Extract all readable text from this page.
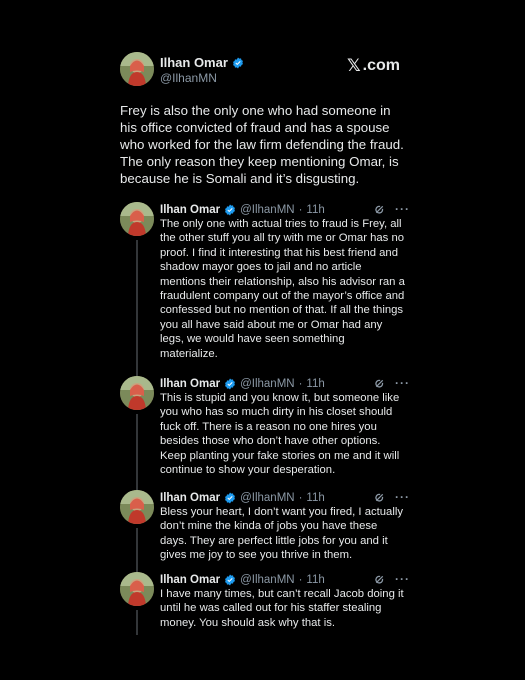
Ilhan Omar
@IlhanMN
𝕏 .com
Frey is also the only one who had someone in his office convicted of fraud and has a spouse who worked for the law firm defending the fraud. The only reason they keep mentioning Omar, is because he is Somali and it’s disgusting.
Ilhan Omar @IlhanMN · 11h	···
The only one with actual tries to fraud is Frey, all the other stuff you all try with me or Omar has no proof. I find it interesting that his best friend and shadow mayor goes to jail and no article mentions their relationship, also his advisor ran a fraudulent company out of the mayor’s office and confessed but no mention of that. If all the things you all have said about me or Omar had any legs, we would have seen something materialize.
Ilhan Omar @IlhanMN · 11h	···
This is stupid and you know it, but someone like you who has so much dirty in his closet should fuck off. There is a reason no one hires you besides those who don’t have other options. Keep planting your fake stories on me and it will continue to show your desperation.
Ilhan Omar @IlhanMN · 11h	···
Bless your heart, I don’t want you fired, I actually don’t mine the kinda of jobs you have these days. They are perfect little jobs for you and it gives me joy to see you thrive in them.
Ilhan Omar @IlhanMN · 11h	···
I have many times, but can’t recall Jacob doing it until he was called out for his staffer stealing money. You should ask why that is.
